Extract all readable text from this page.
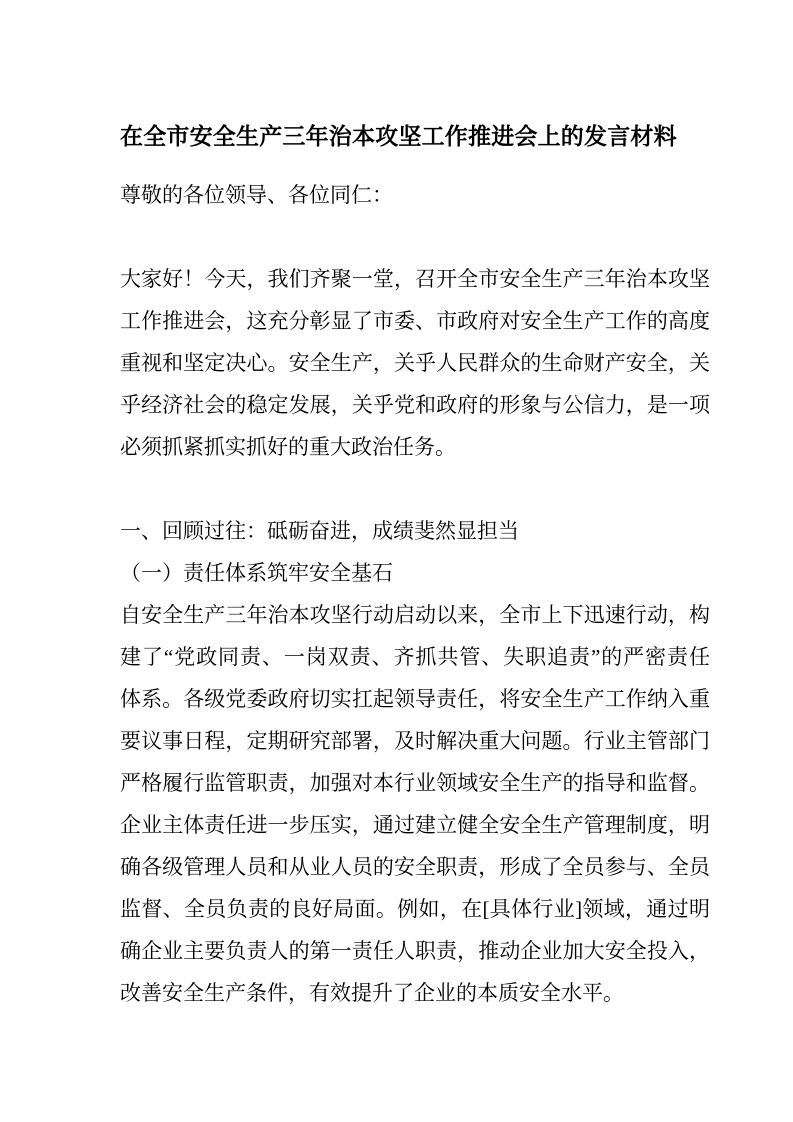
在全市安全生产三年治本攻坚工作推进会上的发言材料
尊敬的各位领导、各位同仁：
大家好！今天，我们齐聚一堂，召开全市安全生产三年治本攻坚
工作推进会，这充分彰显了市委、市政府对安全生产工作的高度
重视和坚定决心。安全生产，关乎人民群众的生命财产安全，关
乎经济社会的稳定发展，关乎党和政府的形象与公信力，是一项
必须抓紧抓实抓好的重大政治任务。
一、回顾过往：砥砺奋进，成绩斐然显担当
（一）责任体系筑牢安全基石
自安全生产三年治本攻坚行动启动以来，全市上下迅速行动，构
建了“党政同责、一岗双责、齐抓共管、失职追责”的严密责任
体系。各级党委政府切实扛起领导责任，将安全生产工作纳入重
要议事日程，定期研究部署，及时解决重大问题。行业主管部门
严格履行监管职责，加强对本行业领域安全生产的指导和监督。
企业主体责任进一步压实，通过建立健全安全生产管理制度，明
确各级管理人员和从业人员的安全职责，形成了全员参与、全员
监督、全员负责的良好局面。例如，在[具体行业]领域，通过明
确企业主要负责人的第一责任人职责，推动企业加大安全投入，
改善安全生产条件，有效提升了企业的本质安全水平。
